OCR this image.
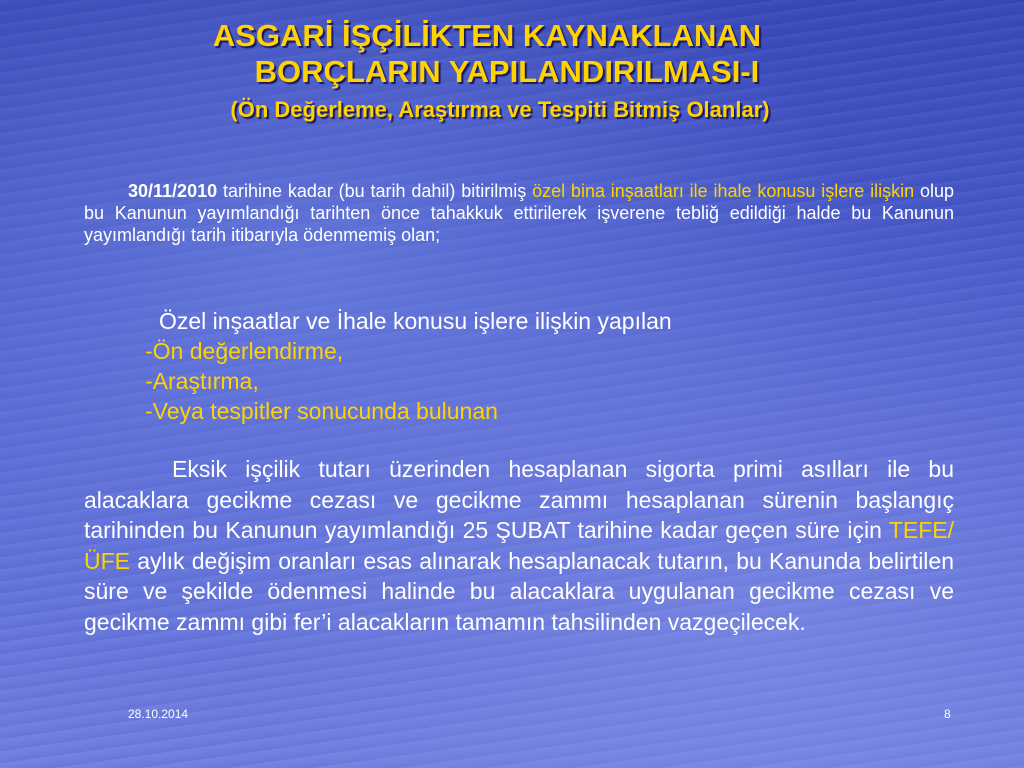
ASGARİ İŞÇİLİKTEN KAYNAKLANAN
BORÇLARIN YAPILANDIRILMASI-I
(Ön Değerleme, Araştırma ve Tespiti Bitmiş Olanlar)
30/11/2010 tarihine kadar (bu tarih dahil) bitirilmiş özel bina inşaatları ile ihale konusu işlere ilişkin olup bu Kanunun yayımlandığı tarihten önce tahakkuk ettirilerek işverene tebliğ edildiği halde bu Kanunun yayımlandığı tarih itibarıyla ödenmemiş olan;
Özel inşaatlar ve İhale konusu işlere ilişkin yapılan
-Ön değerlendirme,
-Araştırma,
-Veya tespitler sonucunda bulunan
Eksik işçilik tutarı üzerinden hesaplanan sigorta primi asılları ile bu alacaklara gecikme cezası ve gecikme zammı hesaplanan sürenin başlangıç tarihinden bu Kanunun yayımlandığı 25 ŞUBAT tarihine kadar geçen süre için TEFE/ÜFE aylık değişim oranları esas alınarak hesaplanacak tutarın, bu Kanunda belirtilen süre ve şekilde ödenmesi halinde bu alacaklara uygulanan gecikme cezası ve gecikme zammı gibi fer’i alacakların tamamın tahsilinden vazgeçilecek.
28.10.2014	8
